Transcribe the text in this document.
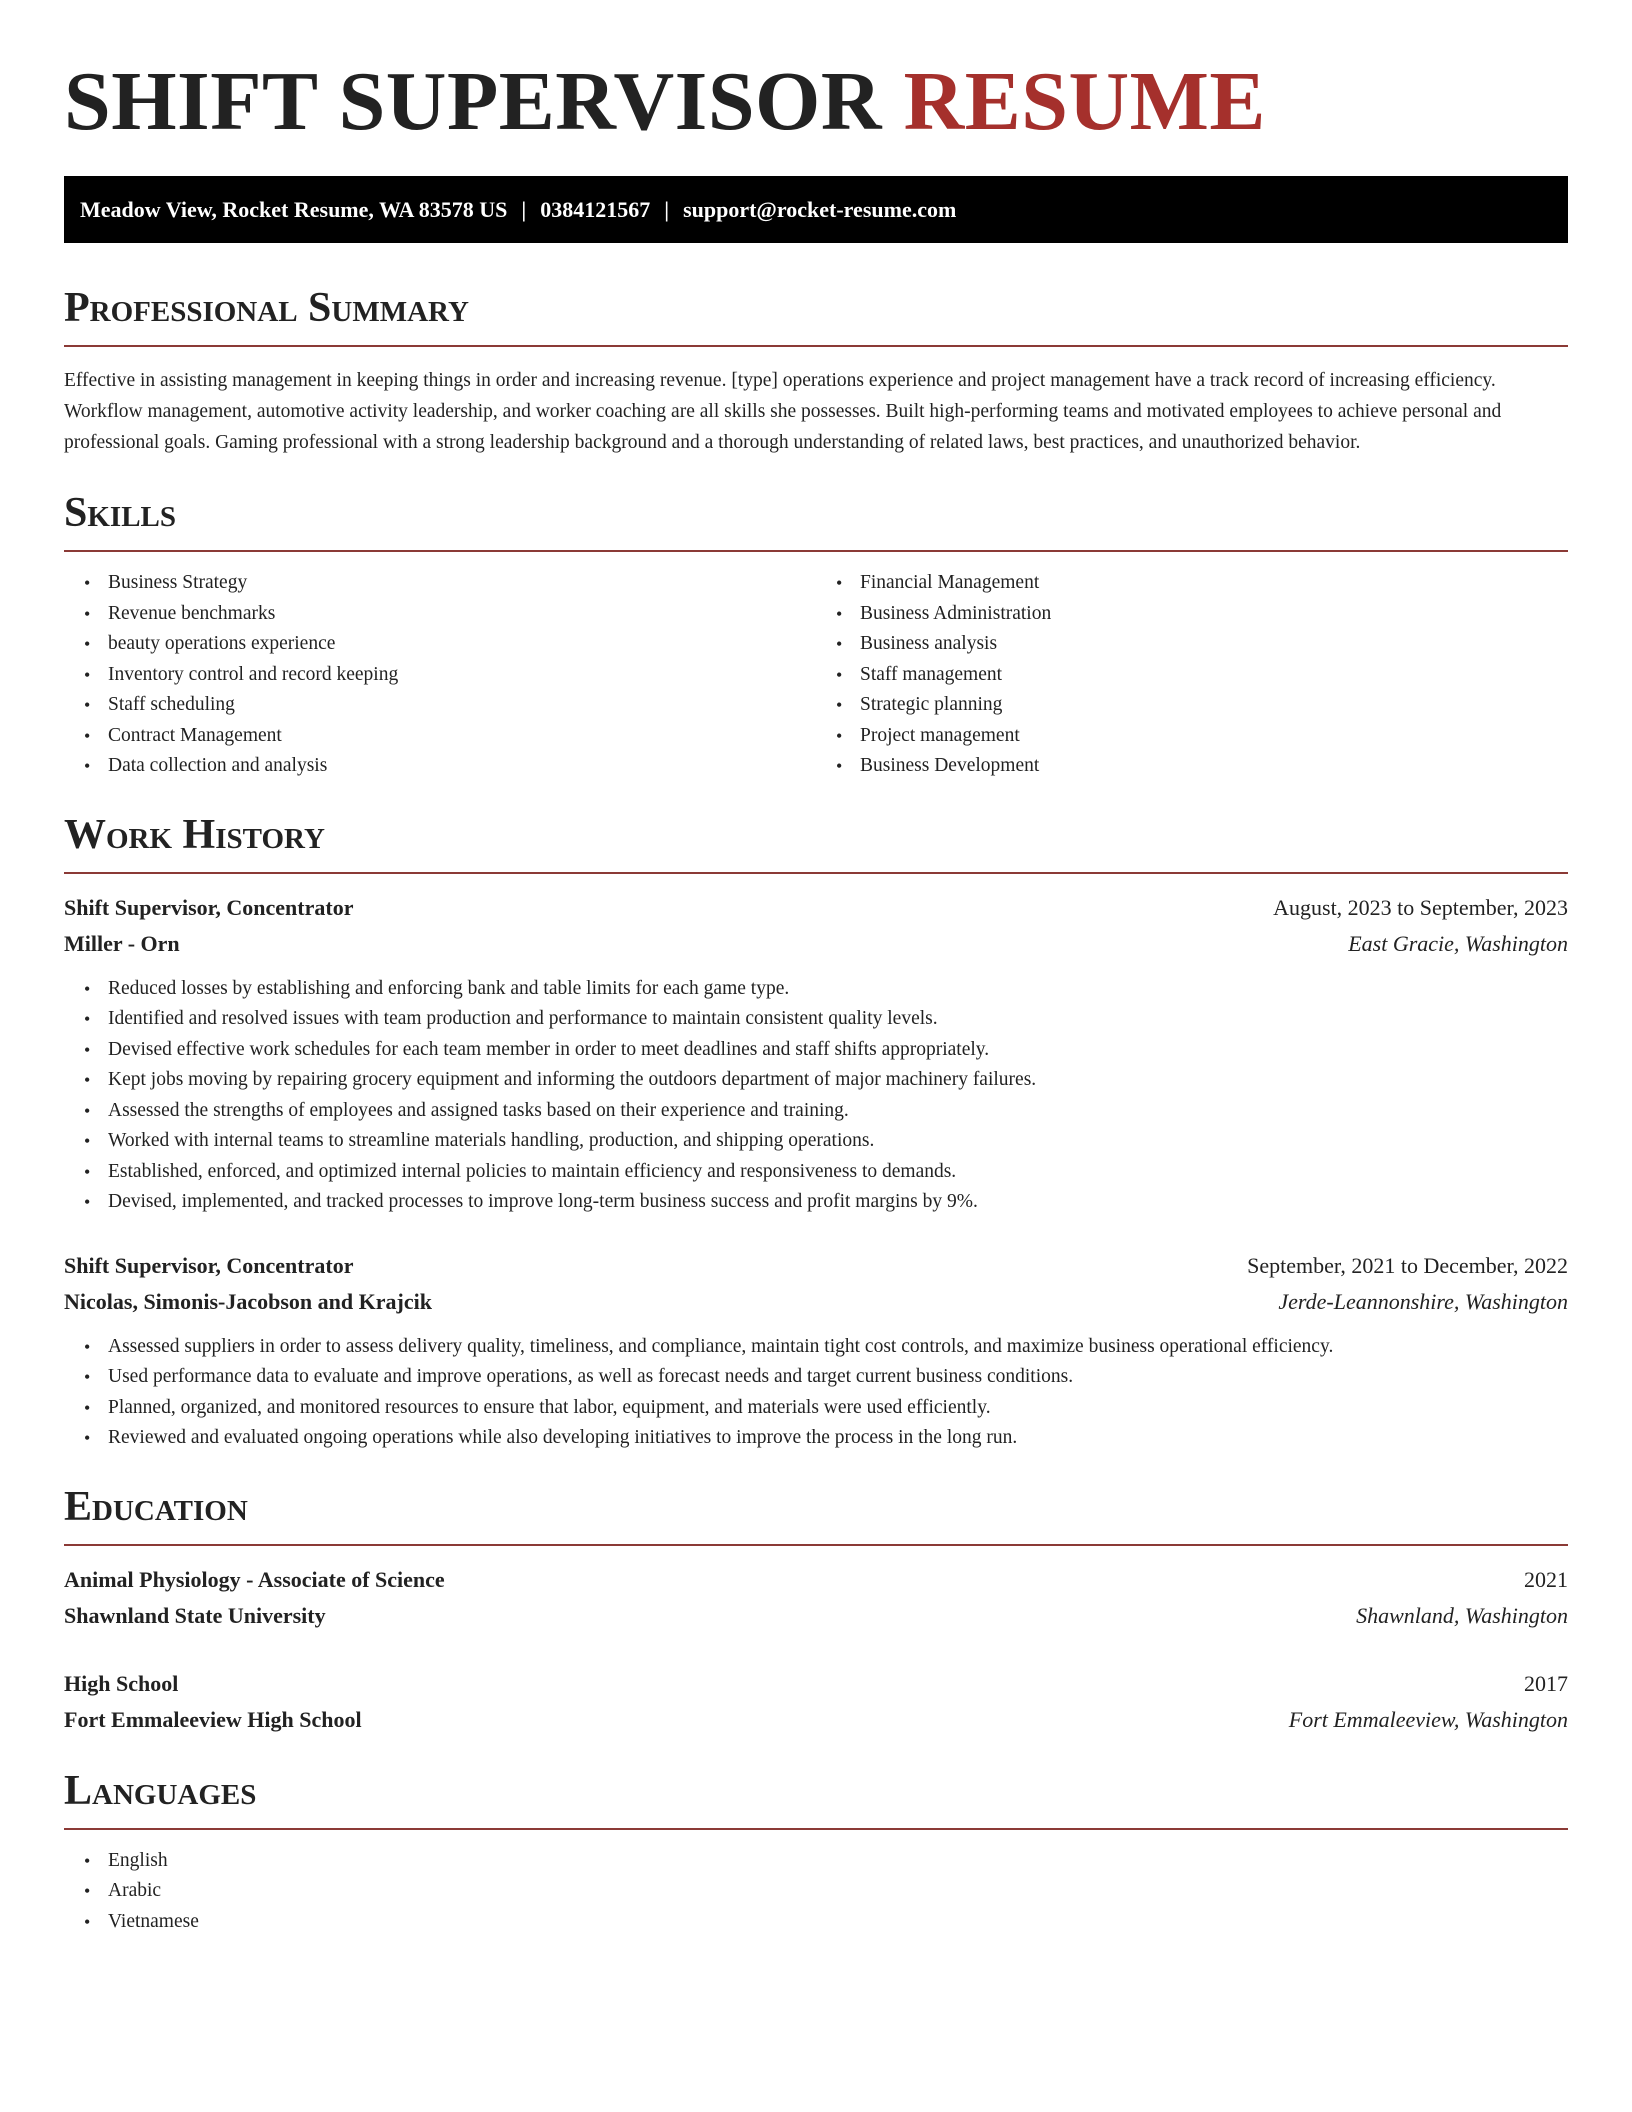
SHIFT SUPERVISOR RESUME
Meadow View, Rocket Resume, WA 83578 US | 0384121567 | support@rocket-resume.com
Professional Summary

Effective in assisting management in keeping things in order and increasing revenue. [type] operations experience and project management have a track record of increasing efficiency. Workflow management, automotive activity leadership, and worker coaching are all skills she possesses. Built high-performing teams and motivated employees to achieve personal and professional goals. Gaming professional with a strong leadership background and a thorough understanding of related laws, best practices, and unauthorized behavior.

Skills
• Business Strategy
• Revenue benchmarks
• beauty operations experience
• Inventory control and record keeping
• Staff scheduling
• Contract Management
• Data collection and analysis
• Financial Management
• Business Administration
• Business analysis
• Staff management
• Strategic planning
• Project management
• Business Development
Work History
Shift Supervisor, Concentrator	August, 2023 to September, 2023
Miller - Orn	East Gracie, Washington
• Reduced losses by establishing and enforcing bank and table limits for each game type.
• Identified and resolved issues with team production and performance to maintain consistent quality levels.
• Devised effective work schedules for each team member in order to meet deadlines and staff shifts appropriately.
• Kept jobs moving by repairing grocery equipment and informing the outdoors department of major machinery failures.
• Assessed the strengths of employees and assigned tasks based on their experience and training.
• Worked with internal teams to streamline materials handling, production, and shipping operations.
• Established, enforced, and optimized internal policies to maintain efficiency and responsiveness to demands.
• Devised, implemented, and tracked processes to improve long-term business success and profit margins by 9%.
Shift Supervisor, Concentrator	September, 2021 to December, 2022
Nicolas, Simonis-Jacobson and Krajcik	Jerde-Leannonshire, Washington
• Assessed suppliers in order to assess delivery quality, timeliness, and compliance, maintain tight cost controls, and maximize business operational efficiency.
• Used performance data to evaluate and improve operations, as well as forecast needs and target current business conditions.
• Planned, organized, and monitored resources to ensure that labor, equipment, and materials were used efficiently.
• Reviewed and evaluated ongoing operations while also developing initiatives to improve the process in the long run.
Education
Animal Physiology - Associate of Science	2021
Shawnland State University	Shawnland, Washington
High School	2017
Fort Emmaleeview High School	Fort Emmaleeview, Washington
Languages
• English
• Arabic
• Vietnamese
